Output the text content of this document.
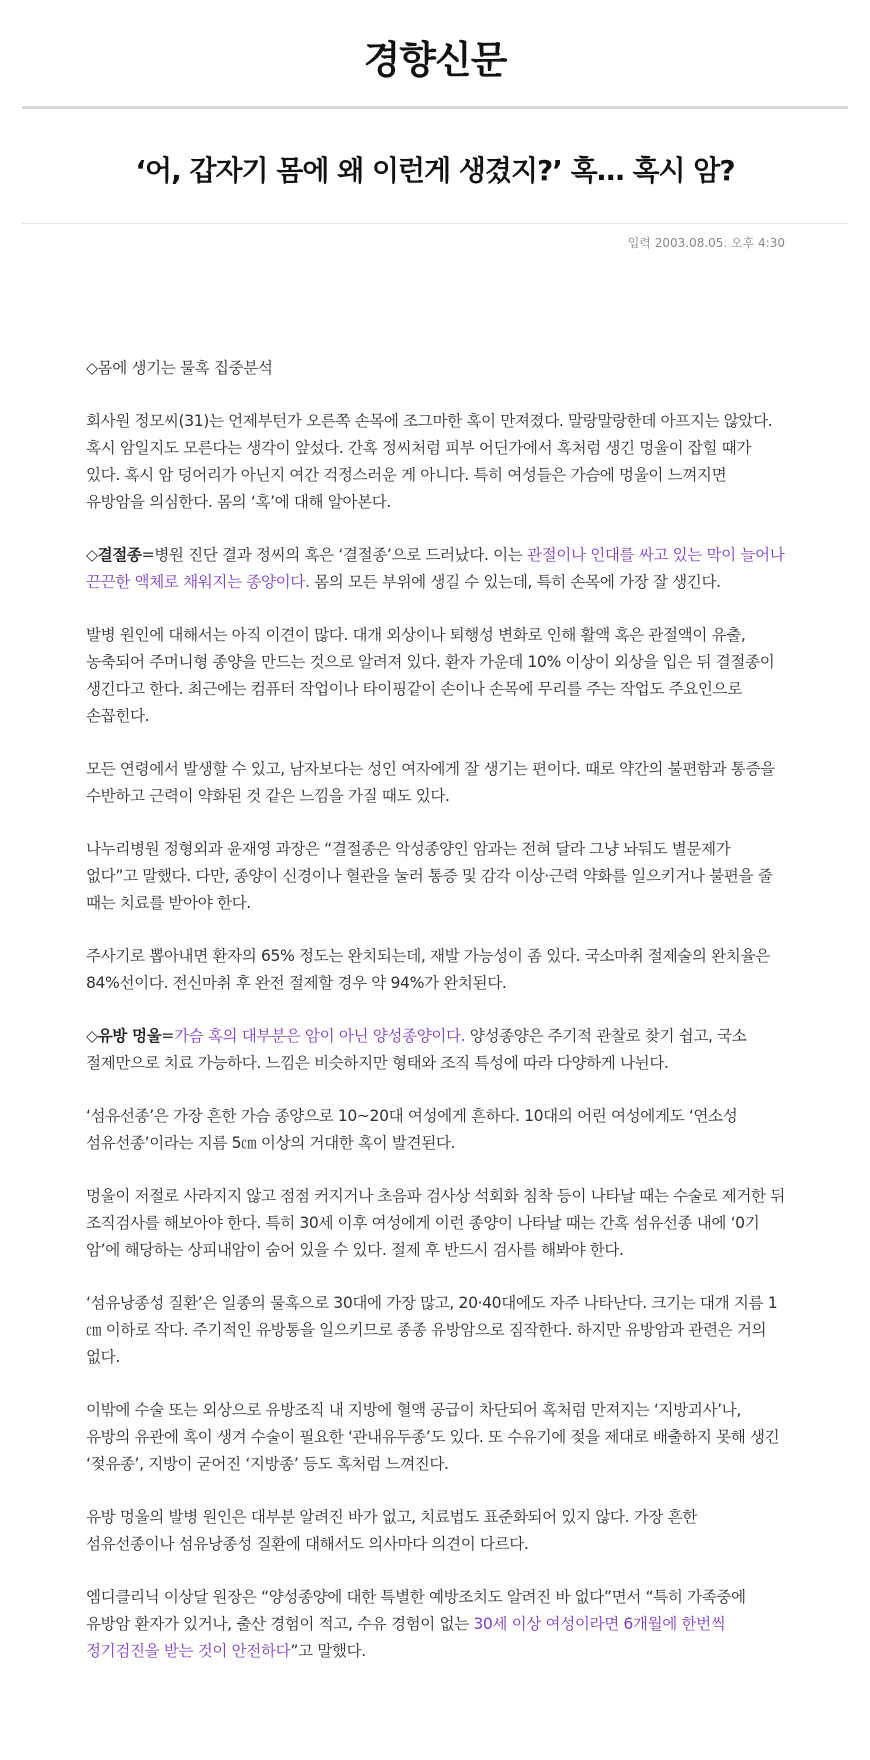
경향신문
‘어, 갑자기 몸에 왜 이런게 생겼지?’ 혹… 혹시 암?
입력 2003.08.05. 오후 4:30

◇몸에 생기는 물혹 집중분석

회사원 정모씨(31)는 언제부턴가 오른쪽 손목에 조그마한 혹이 만져졌다. 말랑말랑한데 아프지는 않았다. 혹시 암일지도 모른다는 생각이 앞섰다. 간혹 정씨처럼 피부 어딘가에서 혹처럼 생긴 멍울이 잡힐 때가 있다. 혹시 암 덩어리가 아닌지 여간 걱정스러운 게 아니다. 특히 여성들은 가슴에 멍울이 느껴지면 유방암을 의심한다. 몸의 ‘혹’에 대해 알아본다.

◇결절종=병원 진단 결과 정씨의 혹은 ‘결절종’으로 드러났다. 이는 관절이나 인대를 싸고 있는 막이 늘어나 끈끈한 액체로 채워지는 종양이다. 몸의 모든 부위에 생길 수 있는데, 특히 손목에 가장 잘 생긴다.

발병 원인에 대해서는 아직 이견이 많다. 대개 외상이나 퇴행성 변화로 인해 활액 혹은 관절액이 유출, 농축되어 주머니형 종양을 만드는 것으로 알려져 있다. 환자 가운데 10% 이상이 외상을 입은 뒤 결절종이 생긴다고 한다. 최근에는 컴퓨터 작업이나 타이핑같이 손이나 손목에 무리를 주는 작업도 주요인으로 손꼽힌다.

모든 연령에서 발생할 수 있고, 남자보다는 성인 여자에게 잘 생기는 편이다. 때로 약간의 불편함과 통증을 수반하고 근력이 약화된 것 같은 느낌을 가질 때도 있다.

나누리병원 정형외과 윤재영 과장은 “결절종은 악성종양인 암과는 전혀 달라 그냥 놔둬도 별문제가 없다”고 말했다. 다만, 종양이 신경이나 혈관을 눌러 통증 및 감각 이상·근력 약화를 일으키거나 불편을 줄 때는 치료를 받아야 한다.

주사기로 뽑아내면 환자의 65% 정도는 완치되는데, 재발 가능성이 좀 있다. 국소마취 절제술의 완치율은 84%선이다. 전신마취 후 완전 절제할 경우 약 94%가 완치된다.

◇유방 멍울=가슴 혹의 대부분은 암이 아닌 양성종양이다. 양성종양은 주기적 관찰로 찾기 쉽고, 국소 절제만으로 치료 가능하다. 느낌은 비슷하지만 형태와 조직 특성에 따라 다양하게 나뉜다.

‘섬유선종’은 가장 흔한 가슴 종양으로 10~20대 여성에게 흔하다. 10대의 어린 여성에게도 ‘연소성 섬유선종’이라는 지름 5㎝ 이상의 거대한 혹이 발견된다.

멍울이 저절로 사라지지 않고 점점 커지거나 초음파 검사상 석회화 침착 등이 나타날 때는 수술로 제거한 뒤 조직검사를 해보아야 한다. 특히 30세 이후 여성에게 이런 종양이 나타날 때는 간혹 섬유선종 내에 ‘0기 암’에 해당하는 상피내암이 숨어 있을 수 있다. 절제 후 반드시 검사를 해봐야 한다.

‘섬유낭종성 질환’은 일종의 물혹으로 30대에 가장 많고, 20·40대에도 자주 나타난다. 크기는 대개 지름 1㎝ 이하로 작다. 주기적인 유방통을 일으키므로 종종 유방암으로 짐작한다. 하지만 유방암과 관련은 거의 없다.

이밖에 수술 또는 외상으로 유방조직 내 지방에 혈액 공급이 차단되어 혹처럼 만져지는 ‘지방괴사’나, 유방의 유관에 혹이 생겨 수술이 필요한 ‘관내유두종’도 있다. 또 수유기에 젖을 제대로 배출하지 못해 생긴 ‘젖유종’, 지방이 굳어진 ‘지방종’ 등도 혹처럼 느껴진다.

유방 멍울의 발병 원인은 대부분 알려진 바가 없고, 치료법도 표준화되어 있지 않다. 가장 흔한 섬유선종이나 섬유낭종성 질환에 대해서도 의사마다 의견이 다르다.

엠디클리닉 이상달 원장은 “양성종양에 대한 특별한 예방조치도 알려진 바 없다”면서 “특히 가족중에 유방암 환자가 있거나, 출산 경험이 적고, 수유 경험이 없는 30세 이상 여성이라면 6개월에 한번씩 정기검진을 받는 것이 안전하다”고 말했다.
